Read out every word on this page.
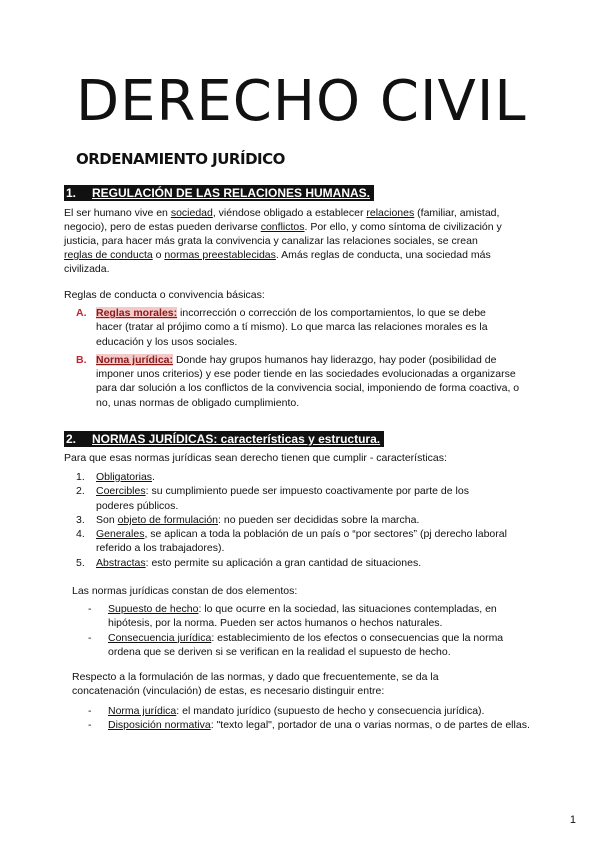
DERECHO CIVIL
ORDENAMIENTO JURÍDICO
1. REGULACIÓN DE LAS RELACIONES HUMANAS.
El ser humano vive en sociedad, viéndose obligado a establecer relaciones (familiar, amistad,
negocio), pero de estas pueden derivarse conflictos. Por ello, y como síntoma de civilización y
justicia, para hacer más grata la convivencia y canalizar las relaciones sociales, se crean
reglas de conducta o normas preestablecidas. Amás reglas de conducta, una sociedad más
civilizada.
Reglas de conducta o convivencia básicas:
A. Reglas morales: incorrección o corrección de los comportamientos, lo que se debe
hacer (tratar al prójimo como a tí mismo). Lo que marca las relaciones morales es la
educación y los usos sociales.
B. Norma jurídica: Donde hay grupos humanos hay liderazgo, hay poder (posibilidad de
imponer unos criterios) y ese poder tiende en las sociedades evolucionadas a organizarse
para dar solución a los conflictos de la convivencia social, imponiendo de forma coactiva, o
no, unas normas de obligado cumplimiento.
2. NORMAS JURÍDICAS: características y estructura.
Para que esas normas jurídicas sean derecho tienen que cumplir - características:
1. Obligatorias.
2. Coercibles: su cumplimiento puede ser impuesto coactivamente por parte de los
poderes públicos.
3. Son objeto de formulación: no pueden ser decididas sobre la marcha.
4. Generales, se aplican a toda la población de un país o “por sectores” (pj derecho laboral
referido a los trabajadores).
5. Abstractas: esto permite su aplicación a gran cantidad de situaciones.
Las normas jurídicas constan de dos elementos:
- Supuesto de hecho: lo que ocurre en la sociedad, las situaciones contempladas, en
hipótesis, por la norma. Pueden ser actos humanos o hechos naturales.
- Consecuencia jurídica: establecimiento de los efectos o consecuencias que la norma
ordena que se deriven si se verifican en la realidad el supuesto de hecho.
Respecto a la formulación de las normas, y dado que frecuentemente, se da la
concatenación (vinculación) de estas, es necesario distinguir entre:
- Norma jurídica: el mandato jurídico (supuesto de hecho y consecuencia jurídica).
- Disposición normativa: "texto legal", portador de una o varias normas, o de partes de ellas.
1
